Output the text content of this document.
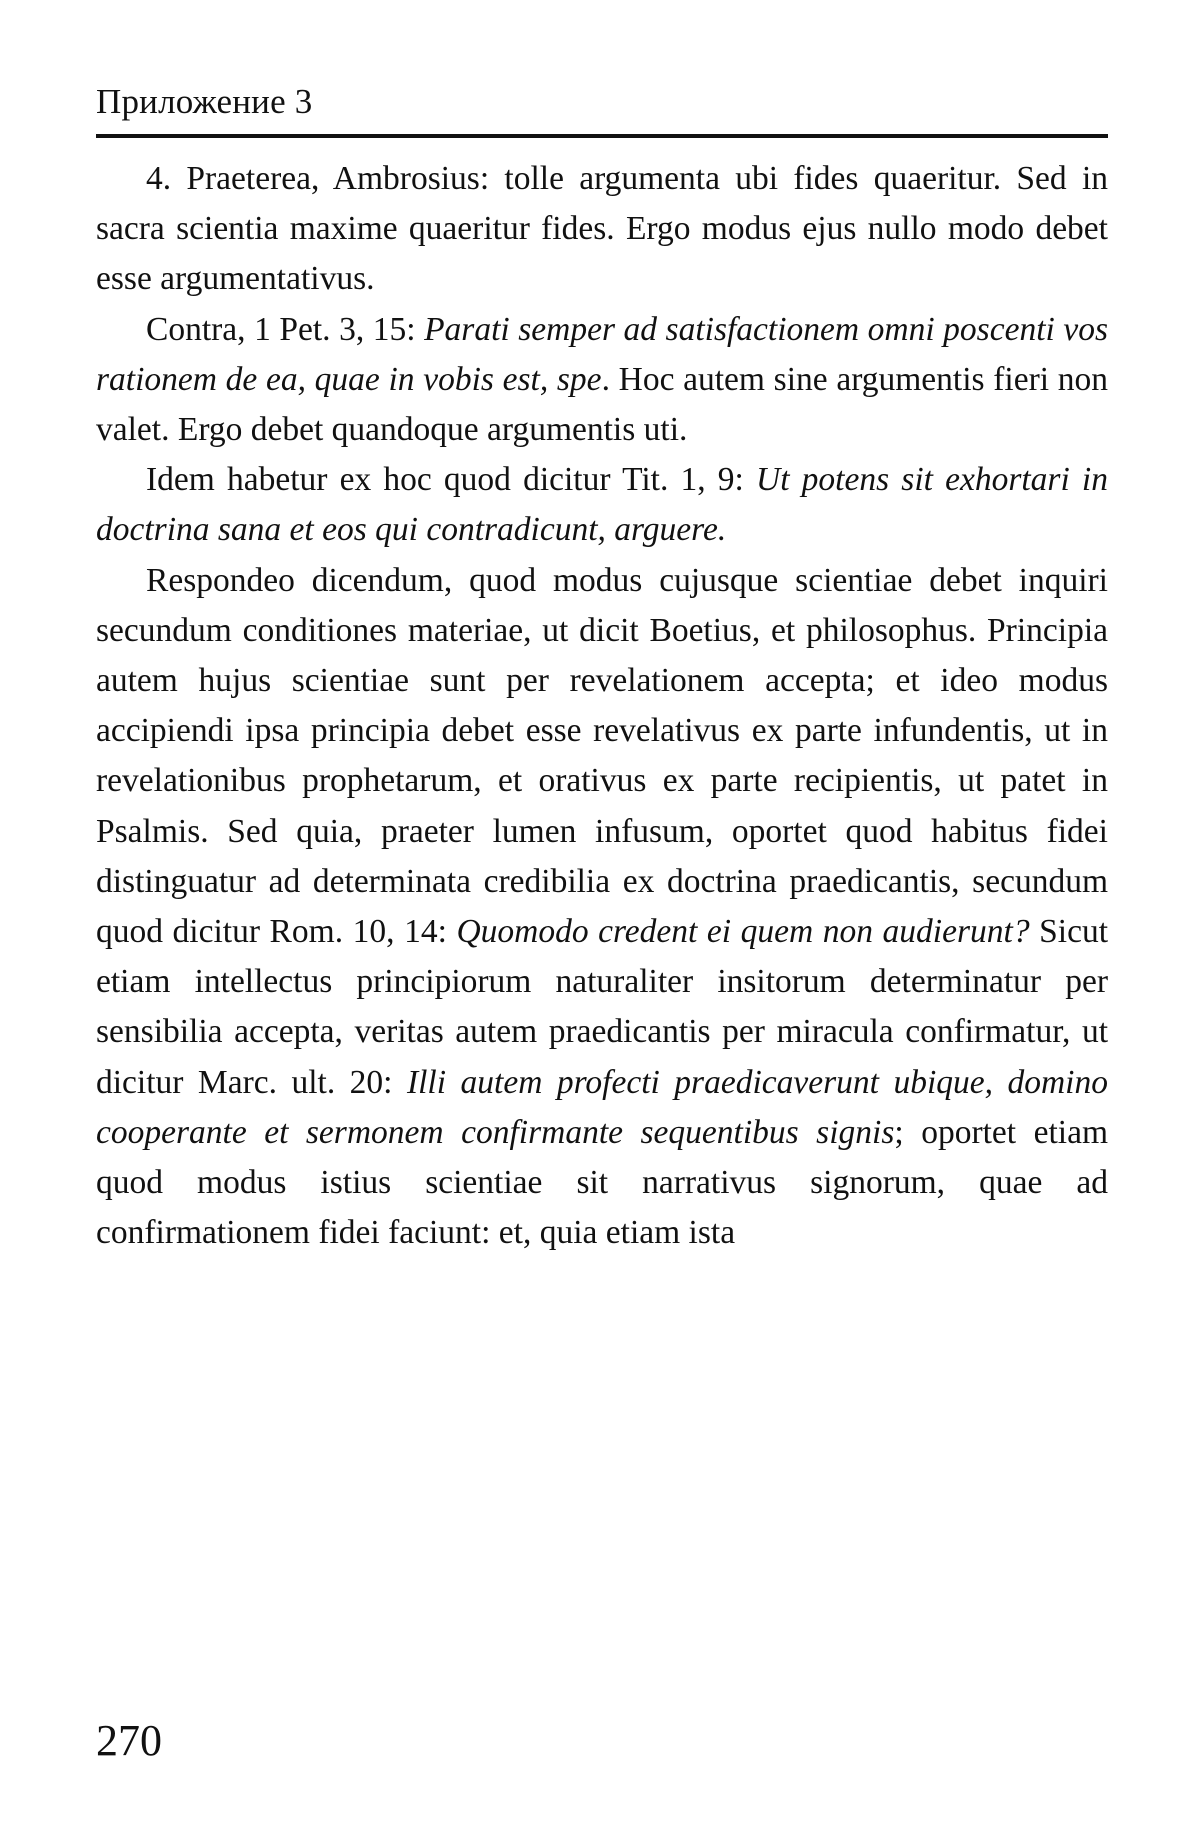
Приложение 3

4. Praeterea, Ambrosius: tolle argumenta ubi fides quaeritur. Sed in sacra scientia maxime quaeritur fides. Ergo modus ejus nullo modo debet esse argumentativus.

Contra, 1 Pet. 3, 15: Parati semper ad satisfactionem omni poscenti vos rationem de ea, quae in vobis est, spe. Hoc autem sine argumentis fieri non valet. Ergo debet quandoque argumentis uti.

Idem habetur ex hoc quod dicitur Tit. 1, 9: Ut potens sit exhortari in doctrina sana et eos qui contradicunt, arguere.

Respondeo dicendum, quod modus cujusque scientiae debet inquiri secundum conditiones materiae, ut dicit Boetius, et philosophus. Principia autem hujus scientiae sunt per revelationem accepta; et ideo modus accipiendi ipsa principia debet esse revelativus ex parte infundentis, ut in revelationibus prophetarum, et orativus ex parte recipientis, ut patet in Psalmis. Sed quia, praeter lumen infusum, oportet quod habitus fidei distinguatur ad determinata credibilia ex doctrina praedicantis, secundum quod dicitur Rom. 10, 14: Quomodo credent ei quem non audierunt? Sicut etiam intellectus principiorum naturaliter insitorum determinatur per sensibilia accepta, veritas autem praedicantis per miracula confirmatur, ut dicitur Marc. ult. 20: Illi autem profecti praedicaverunt ubique, domino cooperante et sermonem confirmante sequentibus signis; oportet etiam quod modus istius scientiae sit narrativus signorum, quae ad confirmationem fidei faciunt: et, quia etiam ista

270
